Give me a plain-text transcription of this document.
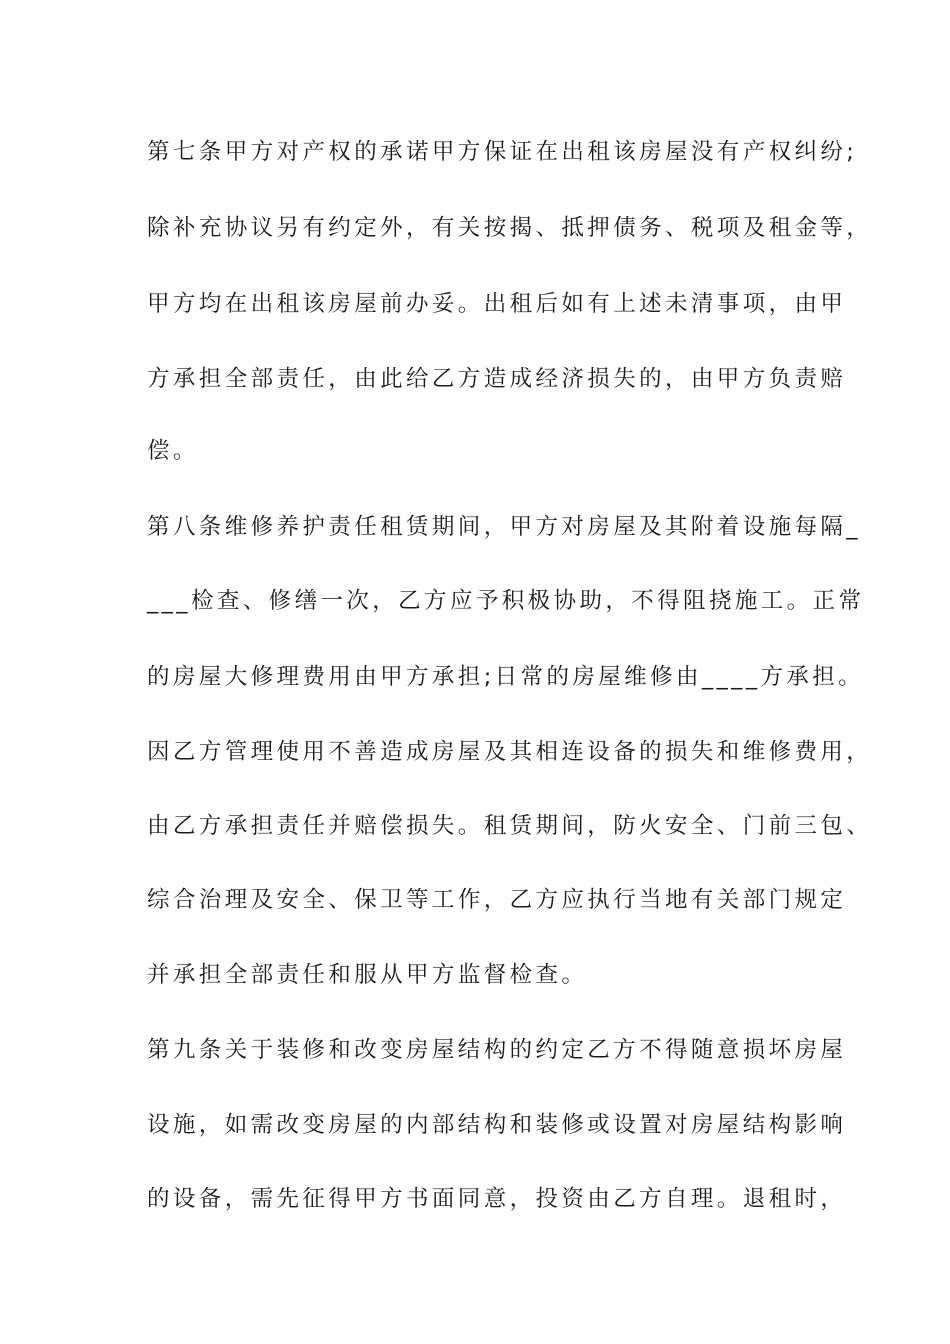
第七条甲方对产权的承诺甲方保证在出租该房屋没有产权纠纷;
除补充协议另有约定外，有关按揭、抵押债务、税项及租金等，
甲方均在出租该房屋前办妥。出租后如有上述未清事项，由甲
方承担全部责任，由此给乙方造成经济损失的，由甲方负责赔
偿。
第八条维修养护责任租赁期间，甲方对房屋及其附着设施每隔_
___检查、修缮一次，乙方应予积极协助，不得阻挠施工。正常
的房屋大修理费用由甲方承担;日常的房屋维修由____方承担。
因乙方管理使用不善造成房屋及其相连设备的损失和维修费用，
由乙方承担责任并赔偿损失。租赁期间，防火安全、门前三包、
综合治理及安全、保卫等工作，乙方应执行当地有关部门规定
并承担全部责任和服从甲方监督检查。
第九条关于装修和改变房屋结构的约定乙方不得随意损坏房屋
设施，如需改变房屋的内部结构和装修或设置对房屋结构影响
的设备，需先征得甲方书面同意，投资由乙方自理。退租时，
